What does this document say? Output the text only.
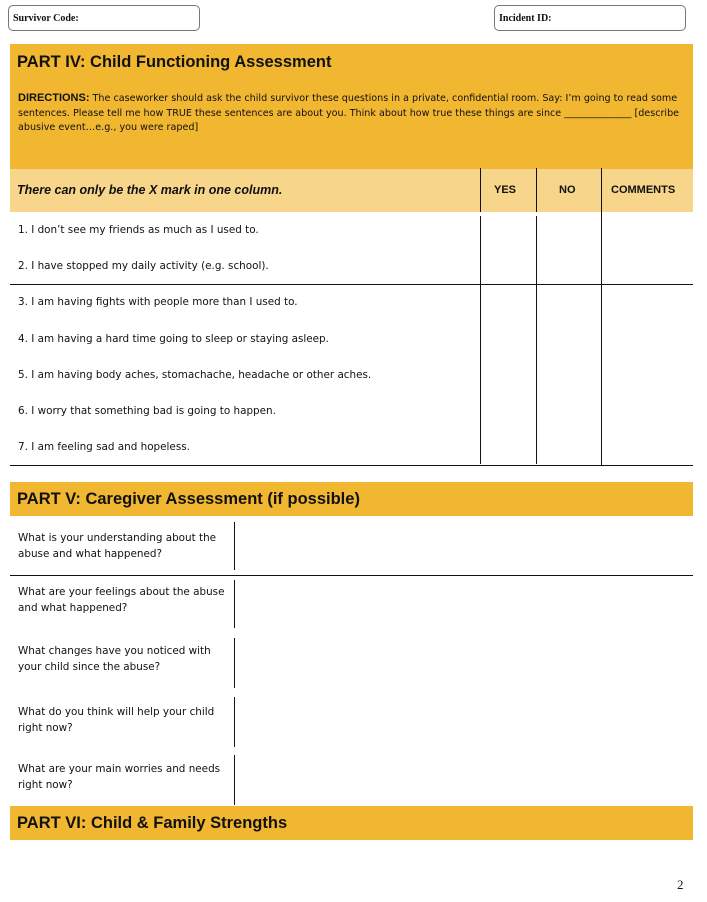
Survivor Code:	Incident ID:
PART IV: Child Functioning Assessment
DIRECTIONS: The caseworker should ask the child survivor these questions in a private, confidential room. Say: I’m going to read some sentences. Please tell me how TRUE these sentences are about you. Think about how true these things are since ______________ [describe abusive event…e.g., you were raped]
There can only be the X mark in one column.	YES	NO	COMMENTS
1. I don’t see my friends as much as I used to.
2. I have stopped my daily activity (e.g. school).
3. I am having fights with people more than I used to.
4. I am having a hard time going to sleep or staying asleep.
5. I am having body aches, stomachache, headache or other aches.
6. I worry that something bad is going to happen.
7. I am feeling sad and hopeless.
PART V: Caregiver Assessment (if possible)
What is your understanding about the abuse and what happened?
What are your feelings about the abuse and what happened?
What changes have you noticed with your child since the abuse?
What do you think will help your child right now?
What are your main worries and needs right now?
PART VI: Child & Family Strengths
2
